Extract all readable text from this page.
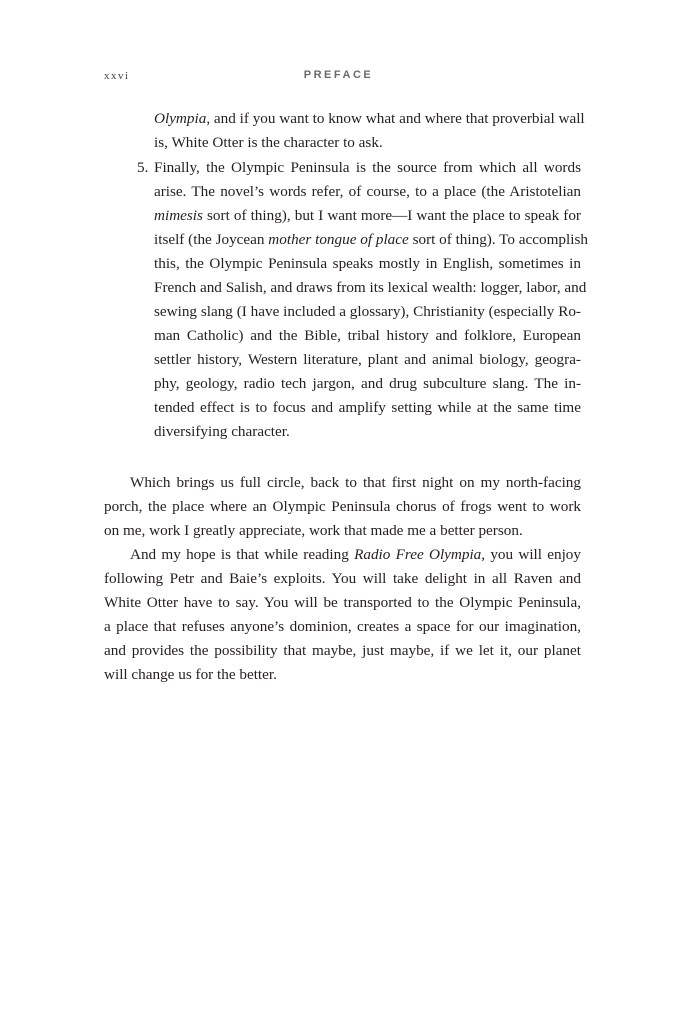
xxvi	PREFACE
Olympia, and if you want to know what and where that proverbial wall
is, White Otter is the character to ask.
5. Finally, the Olympic Peninsula is the source from which all words
arise. The novel’s words refer, of course, to a place (the Aristotelian
mimesis sort of thing), but I want more—I want the place to speak for
itself (the Joycean mother tongue of place sort of thing). To accomplish
this, the Olympic Peninsula speaks mostly in English, sometimes in
French and Salish, and draws from its lexical wealth: logger, labor, and
sewing slang (I have included a glossary), Christianity (especially Ro-
man Catholic) and the Bible, tribal history and folklore, European
settler history, Western literature, plant and animal biology, geogra-
phy, geology, radio tech jargon, and drug subculture slang. The in-
tended effect is to focus and amplify setting while at the same time
diversifying character.
Which brings us full circle, back to that first night on my north-facing
porch, the place where an Olympic Peninsula chorus of frogs went to work
on me, work I greatly appreciate, work that made me a better person.
And my hope is that while reading Radio Free Olympia, you will enjoy
following Petr and Baie’s exploits. You will take delight in all Raven and
White Otter have to say. You will be transported to the Olympic Peninsula,
a place that refuses anyone’s dominion, creates a space for our imagination,
and provides the possibility that maybe, just maybe, if we let it, our planet
will change us for the better.
